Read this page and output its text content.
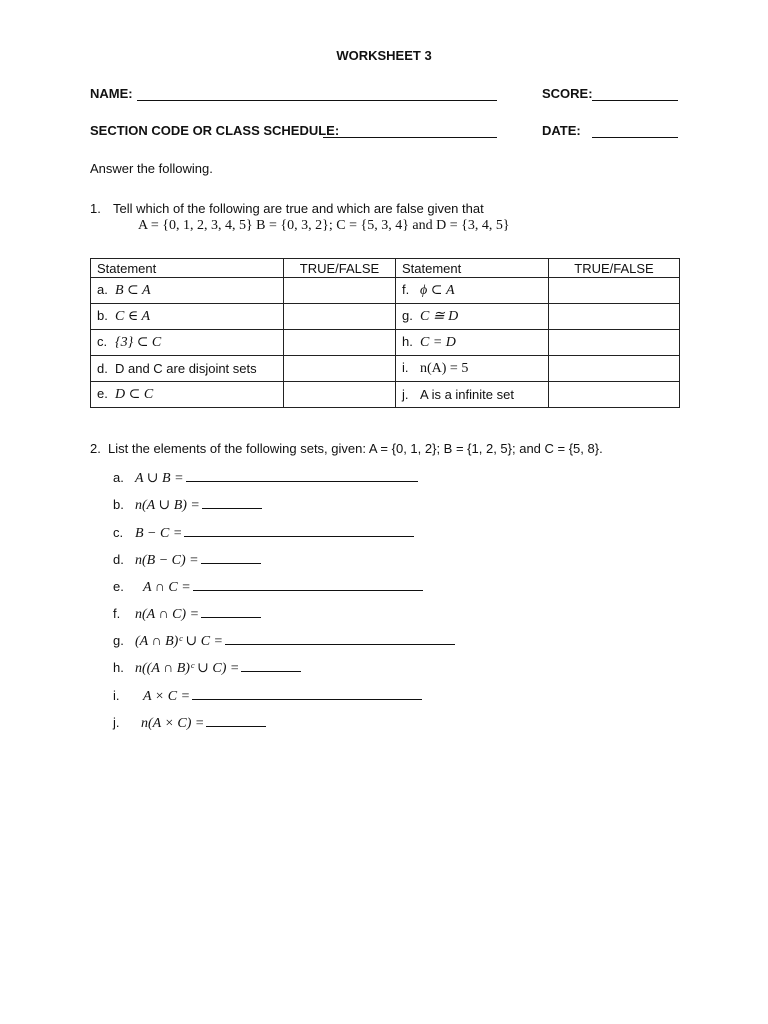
WORKSHEET 3
NAME:	SCORE:
SECTION CODE OR CLASS SCHEDULE:	DATE:
Answer the following.
1. Tell which of the following are true and which are false given that
A = {0, 1, 2, 3, 4, 5} B = {0, 3, 2}; C = {5, 3, 4} and D = {3, 4, 5}
Statement	TRUE/FALSE	Statement	TRUE/FALSE
a. B ⊂ A		f. ϕ ⊂ A	
b. C ∈ A		g. C ≅ D	
c. {3} ⊂ C		h. C = D	
d. D and C are disjoint sets		i. n(A) = 5	
e. D ⊂ C		j. A is a infinite set	
2. List the elements of the following sets, given: A = {0, 1, 2}; B = {1, 2, 5}; and C = {5, 8}.
a. A ∪ B =
b. n(A ∪ B) =
c. B − C =
d. n(B − C) =
e. A ∩ C =
f. n(A ∩ C) =
g. (A ∩ B)ᶜ ∪ C =
h. n((A ∩ B)ᶜ ∪ C) =
i. A × C =
j. n(A × C) =
